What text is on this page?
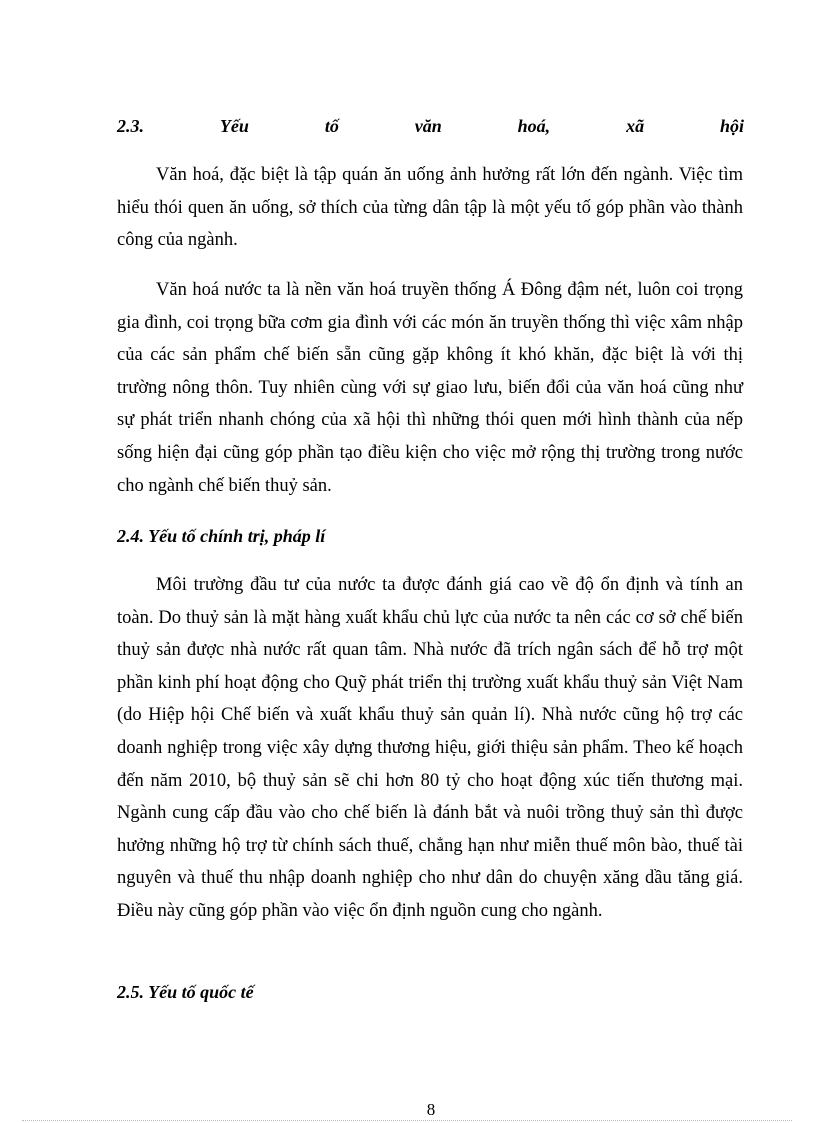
2.3.	Yếu	tố	văn	hoá,	xã	hội

Văn hoá, đặc biệt là tập quán ăn uống ảnh hưởng rất lớn đến ngành. Việc tìm hiểu thói quen ăn uống, sở thích của từng dân tập là một yếu tố góp phần vào thành công của ngành.

Văn hoá nước ta là nền văn hoá truyền thống Á Đông đậm nét, luôn coi trọng gia đình, coi trọng bữa cơm gia đình với các món ăn truyền thống thì việc xâm nhập của các sản phẩm chế biến sẵn cũng gặp không ít khó khăn, đặc biệt là với thị trường nông thôn. Tuy nhiên cùng với sự giao lưu, biến đổi của văn hoá cũng như sự phát triển nhanh chóng của xã hội thì những thói quen mới hình thành của nếp sống hiện đại cũng góp phần tạo điều kiện cho việc mở rộng thị trường trong nước cho ngành chế biến thuỷ sản.

2.4. Yếu tố chính trị, pháp lí

Môi trường đầu tư của nước ta được đánh giá cao về độ ổn định và tính an toàn. Do thuỷ sản là mặt hàng xuất khẩu chủ lực của nước ta nên các cơ sở chế biến thuỷ sản được nhà nước rất quan tâm. Nhà nước đã trích ngân sách để hỗ trợ một phần kinh phí hoạt động cho Quỹ phát triển thị trường xuất khẩu thuỷ sản Việt Nam (do Hiệp hội Chế biến và xuất khẩu thuỷ sản quản lí). Nhà nước cũng hộ trợ các doanh nghiệp trong việc xây dựng thương hiệu, giới thiệu sản phẩm. Theo kế hoạch đến năm 2010, bộ thuỷ sản sẽ chi hơn 80 tỷ cho hoạt động xúc tiến thương mại. Ngành cung cấp đầu vào cho chế biến là đánh bắt và nuôi trồng thuỷ sản thì được hưởng những hộ trợ từ chính sách thuế, chẳng hạn như miễn thuế môn bào, thuế tài nguyên và thuế thu nhập doanh nghiệp cho như dân do chuyện xăng dầu tăng giá. Điều này cũng góp phần vào việc ổn định nguồn cung cho ngành.

2.5. Yếu tố quốc tế

8
